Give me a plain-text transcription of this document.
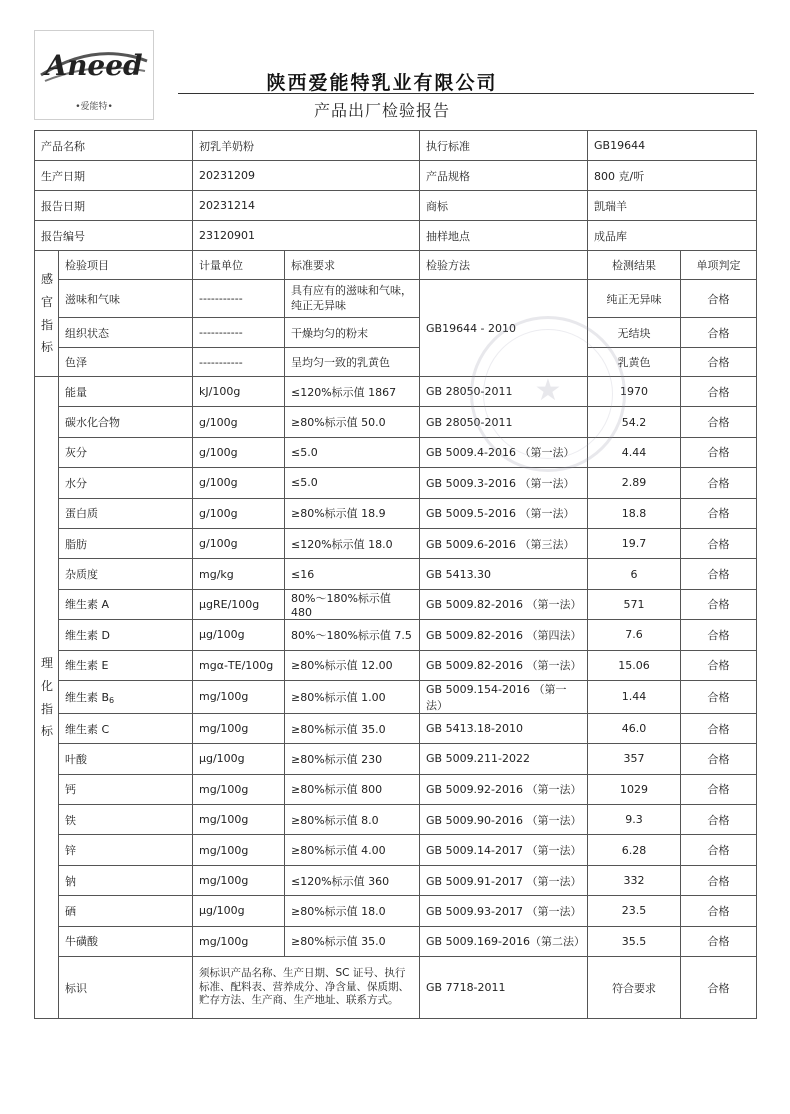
Aneed
•爱能特•
陕西爱能特乳业有限公司
产品出厂检验报告
产品名称		初乳羊奶粉		执行标准	GB19644	
生产日期		20231209		产品规格	800 克/听	
报告日期		20231214		商标	凯瑞羊	
报告编号		23120901		抽样地点	成品库	

感
官
指
标	检验项目	计量单位	标准要求	检验方法	检测结果	单项判定
	滋味和气味	-----------	具有应有的滋味和气味，纯正无异味	GB19644 - 2010	纯正无异味	合格
	组织状态	-----------	干燥均匀的粉末		无结块	合格
	色泽	-----------	呈均匀一致的乳黄色		乳黄色	合格

理
化
指
标	能量	kJ/100g	≤120%标示值 1867	GB 28050-2011	1970	合格
	碳水化合物	g/100g	≥80%标示值 50.0	GB 28050-2011	54.2	合格
	灰分	g/100g	≤5.0	GB 5009.4-2016 （第一法）	4.44	合格
	水分	g/100g	≤5.0	GB 5009.3-2016 （第一法）	2.89	合格
	蛋白质	g/100g	≥80%标示值 18.9	GB 5009.5-2016 （第一法）	18.8	合格
	脂肪	g/100g	≤120%标示值 18.0	GB 5009.6-2016 （第三法）	19.7	合格
	杂质度	mg/kg	≤16	GB 5413.30	6	合格
	维生素 A	μgRE/100g	80%～180%标示值 480	GB 5009.82-2016 （第一法）	571	合格
	维生素 D	μg/100g	80%～180%标示值 7.5	GB 5009.82-2016 （第四法）	7.6	合格
	维生素 E	mgα-TE/100g	≥80%标示值 12.00	GB 5009.82-2016 （第一法）	15.06	合格
	维生素 $B_6$	mg/100g	≥80%标示值 1.00	GB 5009.154-2016 （第一法）	1.44	合格
	维生素 C	mg/100g	≥80%标示值 35.0	GB 5413.18-2010	46.0	合格
	叶酸	μg/100g	≥80%标示值 230	GB 5009.211-2022	357	合格
	钙	mg/100g	≥80%标示值 800	GB 5009.92-2016 （第一法）	1029	合格
	铁	mg/100g	≥80%标示值 8.0	GB 5009.90-2016 （第一法）	9.3	合格
	锌	mg/100g	≥80%标示值 4.00	GB 5009.14-2017 （第一法）	6.28	合格
	钠	mg/100g	≤120%标示值 360	GB 5009.91-2017 （第一法）	332	合格
	硒	μg/100g	≥80%标示值 18.0	GB 5009.93-2017 （第一法）	23.5	合格
	牛磺酸	mg/100g	≥80%标示值 35.0	GB 5009.169-2016（第二法）	35.5	合格
	标识	须标识产品名称、生产日期、SC 证号、执行标准、配料表、营养成分、净含量、保质期、贮存方法、生产商、生产地址、联系方式。		GB 7718-2011	符合要求	合格
★
